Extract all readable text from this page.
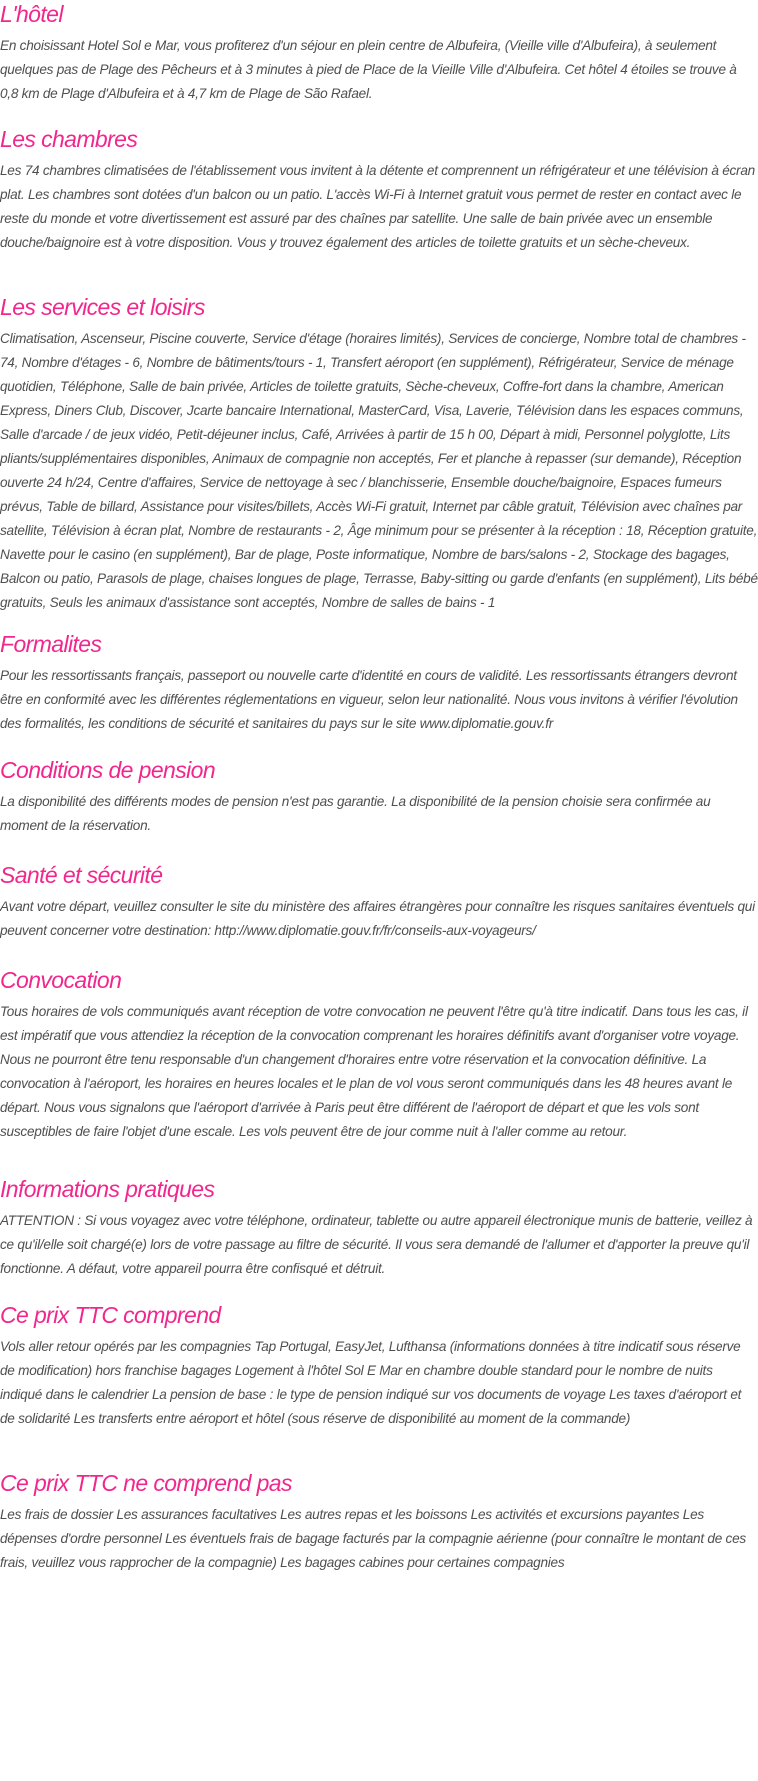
L'hôtel

En choisissant Hotel Sol e Mar, vous profiterez d'un séjour en plein centre de Albufeira, (Vieille ville d'Albufeira), à seulement quelques pas de Plage des Pêcheurs et à 3 minutes à pied de Place de la Vieille Ville d'Albufeira. Cet hôtel 4 étoiles se trouve à 0,8 km de Plage d'Albufeira et à 4,7 km de Plage de São Rafael.

Les chambres

Les 74 chambres climatisées de l'établissement vous invitent à la détente et comprennent un réfrigérateur et une télévision à écran plat. Les chambres sont dotées d'un balcon ou un patio. L'accès Wi-Fi à Internet gratuit vous permet de rester en contact avec le reste du monde et votre divertissement est assuré par des chaînes par satellite. Une salle de bain privée avec un ensemble douche/baignoire est à votre disposition. Vous y trouvez également des articles de toilette gratuits et un sèche-cheveux.

Les services et loisirs

Climatisation, Ascenseur, Piscine couverte, Service d'étage (horaires limités), Services de concierge, Nombre total de chambres - 74, Nombre d'étages - 6, Nombre de bâtiments/tours - 1, Transfert aéroport (en supplément), Réfrigérateur, Service de ménage quotidien, Téléphone, Salle de bain privée, Articles de toilette gratuits, Sèche-cheveux, Coffre-fort dans la chambre, American Express, Diners Club, Discover, Jcarte bancaire International, MasterCard, Visa, Laverie, Télévision dans les espaces communs, Salle d'arcade / de jeux vidéo, Petit-déjeuner inclus, Café, Arrivées à partir de 15 h 00, Départ à midi, Personnel polyglotte, Lits pliants/supplémentaires disponibles, Animaux de compagnie non acceptés, Fer et planche à repasser (sur demande), Réception ouverte 24 h/24, Centre d'affaires, Service de nettoyage à sec / blanchisserie, Ensemble douche/baignoire, Espaces fumeurs prévus, Table de billard, Assistance pour visites/billets, Accès Wi-Fi gratuit, Internet par câble gratuit, Télévision avec chaînes par satellite, Télévision à écran plat, Nombre de restaurants - 2, Âge minimum pour se présenter à la réception : 18, Réception gratuite, Navette pour le casino (en supplément), Bar de plage, Poste informatique, Nombre de bars/salons - 2, Stockage des bagages, Balcon ou patio, Parasols de plage, chaises longues de plage, Terrasse, Baby-sitting ou garde d'enfants (en supplément), Lits bébé gratuits, Seuls les animaux d'assistance sont acceptés, Nombre de salles de bains - 1

Formalites

Pour les ressortissants français, passeport ou nouvelle carte d'identité en cours de validité. Les ressortissants étrangers devront être en conformité avec les différentes réglementations en vigueur, selon leur nationalité. Nous vous invitons à vérifier l'évolution des formalités, les conditions de sécurité et sanitaires du pays sur le site www.diplomatie.gouv.fr

Conditions de pension

La disponibilité des différents modes de pension n'est pas garantie. La disponibilité de la pension choisie sera confirmée au moment de la réservation.

Santé et sécurité

Avant votre départ, veuillez consulter le site du ministère des affaires étrangères pour connaître les risques sanitaires éventuels qui peuvent concerner votre destination: http://www.diplomatie.gouv.fr/fr/conseils-aux-voyageurs/

Convocation

Tous horaires de vols communiqués avant réception de votre convocation ne peuvent l'être qu'à titre indicatif. Dans tous les cas, il est impératif que vous attendiez la réception de la convocation comprenant les horaires définitifs avant d'organiser votre voyage. Nous ne pourront être tenu responsable d'un changement d'horaires entre votre réservation et la convocation définitive. La convocation à l'aéroport, les horaires en heures locales et le plan de vol vous seront communiqués dans les 48 heures avant le départ. Nous vous signalons que l'aéroport d'arrivée à Paris peut être différent de l'aéroport de départ et que les vols sont susceptibles de faire l'objet d'une escale. Les vols peuvent être de jour comme nuit à l'aller comme au retour.

Informations pratiques

ATTENTION : Si vous voyagez avec votre téléphone, ordinateur, tablette ou autre appareil électronique munis de batterie, veillez à ce qu'il/elle soit chargé(e) lors de votre passage au filtre de sécurité. Il vous sera demandé de l'allumer et d'apporter la preuve qu'il fonctionne. A défaut, votre appareil pourra être confisqué et détruit.

Ce prix TTC comprend

Vols aller retour opérés par les compagnies Tap Portugal, EasyJet, Lufthansa (informations données à titre indicatif sous réserve de modification) hors franchise bagages Logement à l'hôtel Sol E Mar en chambre double standard pour le nombre de nuits indiqué dans le calendrier La pension de base : le type de pension indiqué sur vos documents de voyage Les taxes d'aéroport et de solidarité Les transferts entre aéroport et hôtel (sous réserve de disponibilité au moment de la commande)

Ce prix TTC ne comprend pas

Les frais de dossier Les assurances facultatives Les autres repas et les boissons Les activités et excursions payantes Les dépenses d'ordre personnel Les éventuels frais de bagage facturés par la compagnie aérienne (pour connaître le montant de ces frais, veuillez vous rapprocher de la compagnie) Les bagages cabines pour certaines compagnies
